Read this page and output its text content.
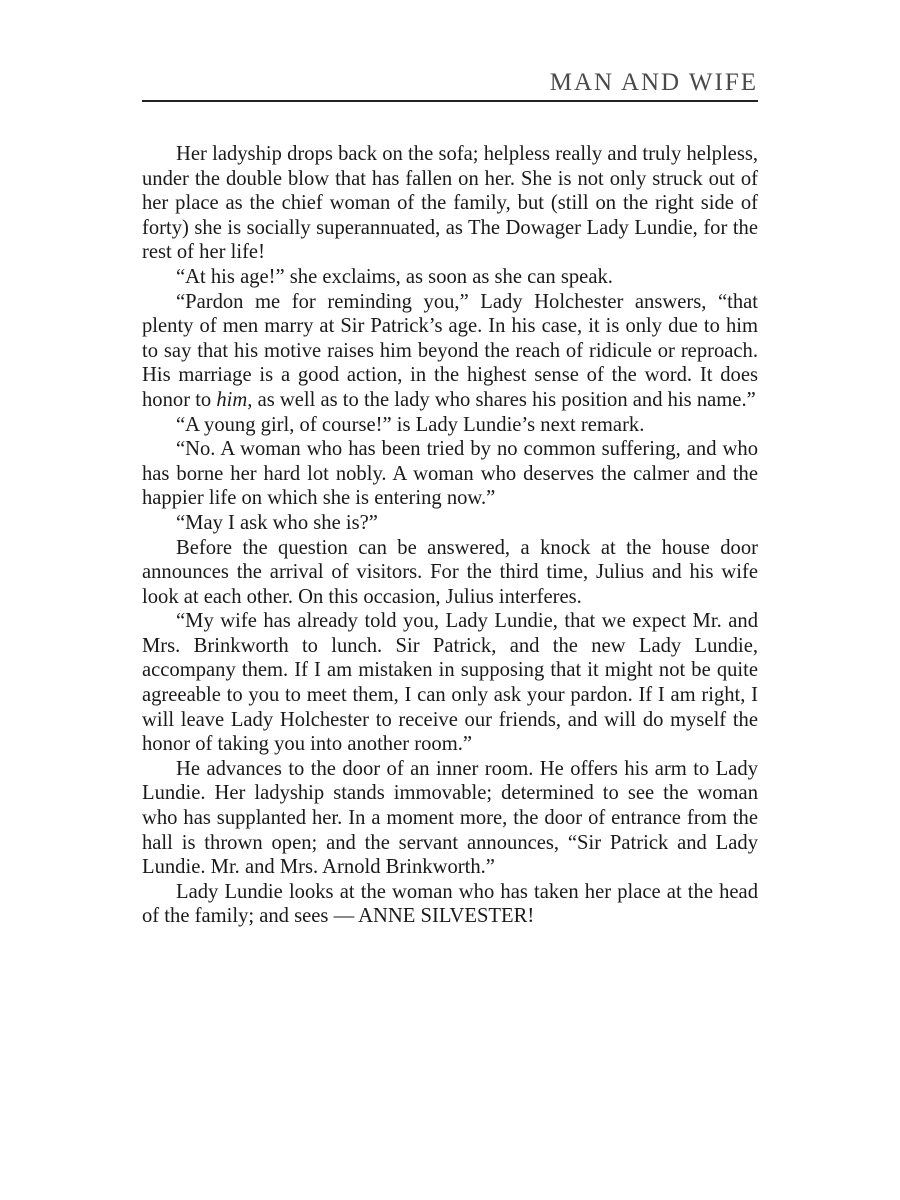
MAN AND WIFE

Her ladyship drops back on the sofa; helpless really and truly helpless, under the double blow that has fallen on her. She is not only struck out of her place as the chief woman of the family, but (still on the right side of forty) she is socially superannuated, as The Dowager Lady Lundie, for the rest of her life!

“At his age!” she exclaims, as soon as she can speak.

“Pardon me for reminding you,” Lady Holchester answers, “that plenty of men marry at Sir Patrick’s age. In his case, it is only due to him to say that his motive raises him beyond the reach of ridicule or reproach. His marriage is a good action, in the highest sense of the word. It does honor to him, as well as to the lady who shares his position and his name.”

“A young girl, of course!” is Lady Lundie’s next remark.

“No. A woman who has been tried by no common suffering, and who has borne her hard lot nobly. A woman who deserves the calmer and the happier life on which she is entering now.”

“May I ask who she is?”

Before the question can be answered, a knock at the house door announces the arrival of visitors. For the third time, Julius and his wife look at each other. On this occasion, Julius interferes.

“My wife has already told you, Lady Lundie, that we expect Mr. and Mrs. Brinkworth to lunch. Sir Patrick, and the new Lady Lundie, accompany them. If I am mistaken in supposing that it might not be quite agreeable to you to meet them, I can only ask your pardon. If I am right, I will leave Lady Holchester to receive our friends, and will do myself the honor of taking you into another room.”

He advances to the door of an inner room. He offers his arm to Lady Lundie. Her ladyship stands immovable; determined to see the woman who has supplanted her. In a moment more, the door of entrance from the hall is thrown open; and the servant announces, “Sir Patrick and Lady Lundie. Mr. and Mrs. Arnold Brinkworth.”

Lady Lundie looks at the woman who has taken her place at the head of the family; and sees — ANNE SILVESTER!
